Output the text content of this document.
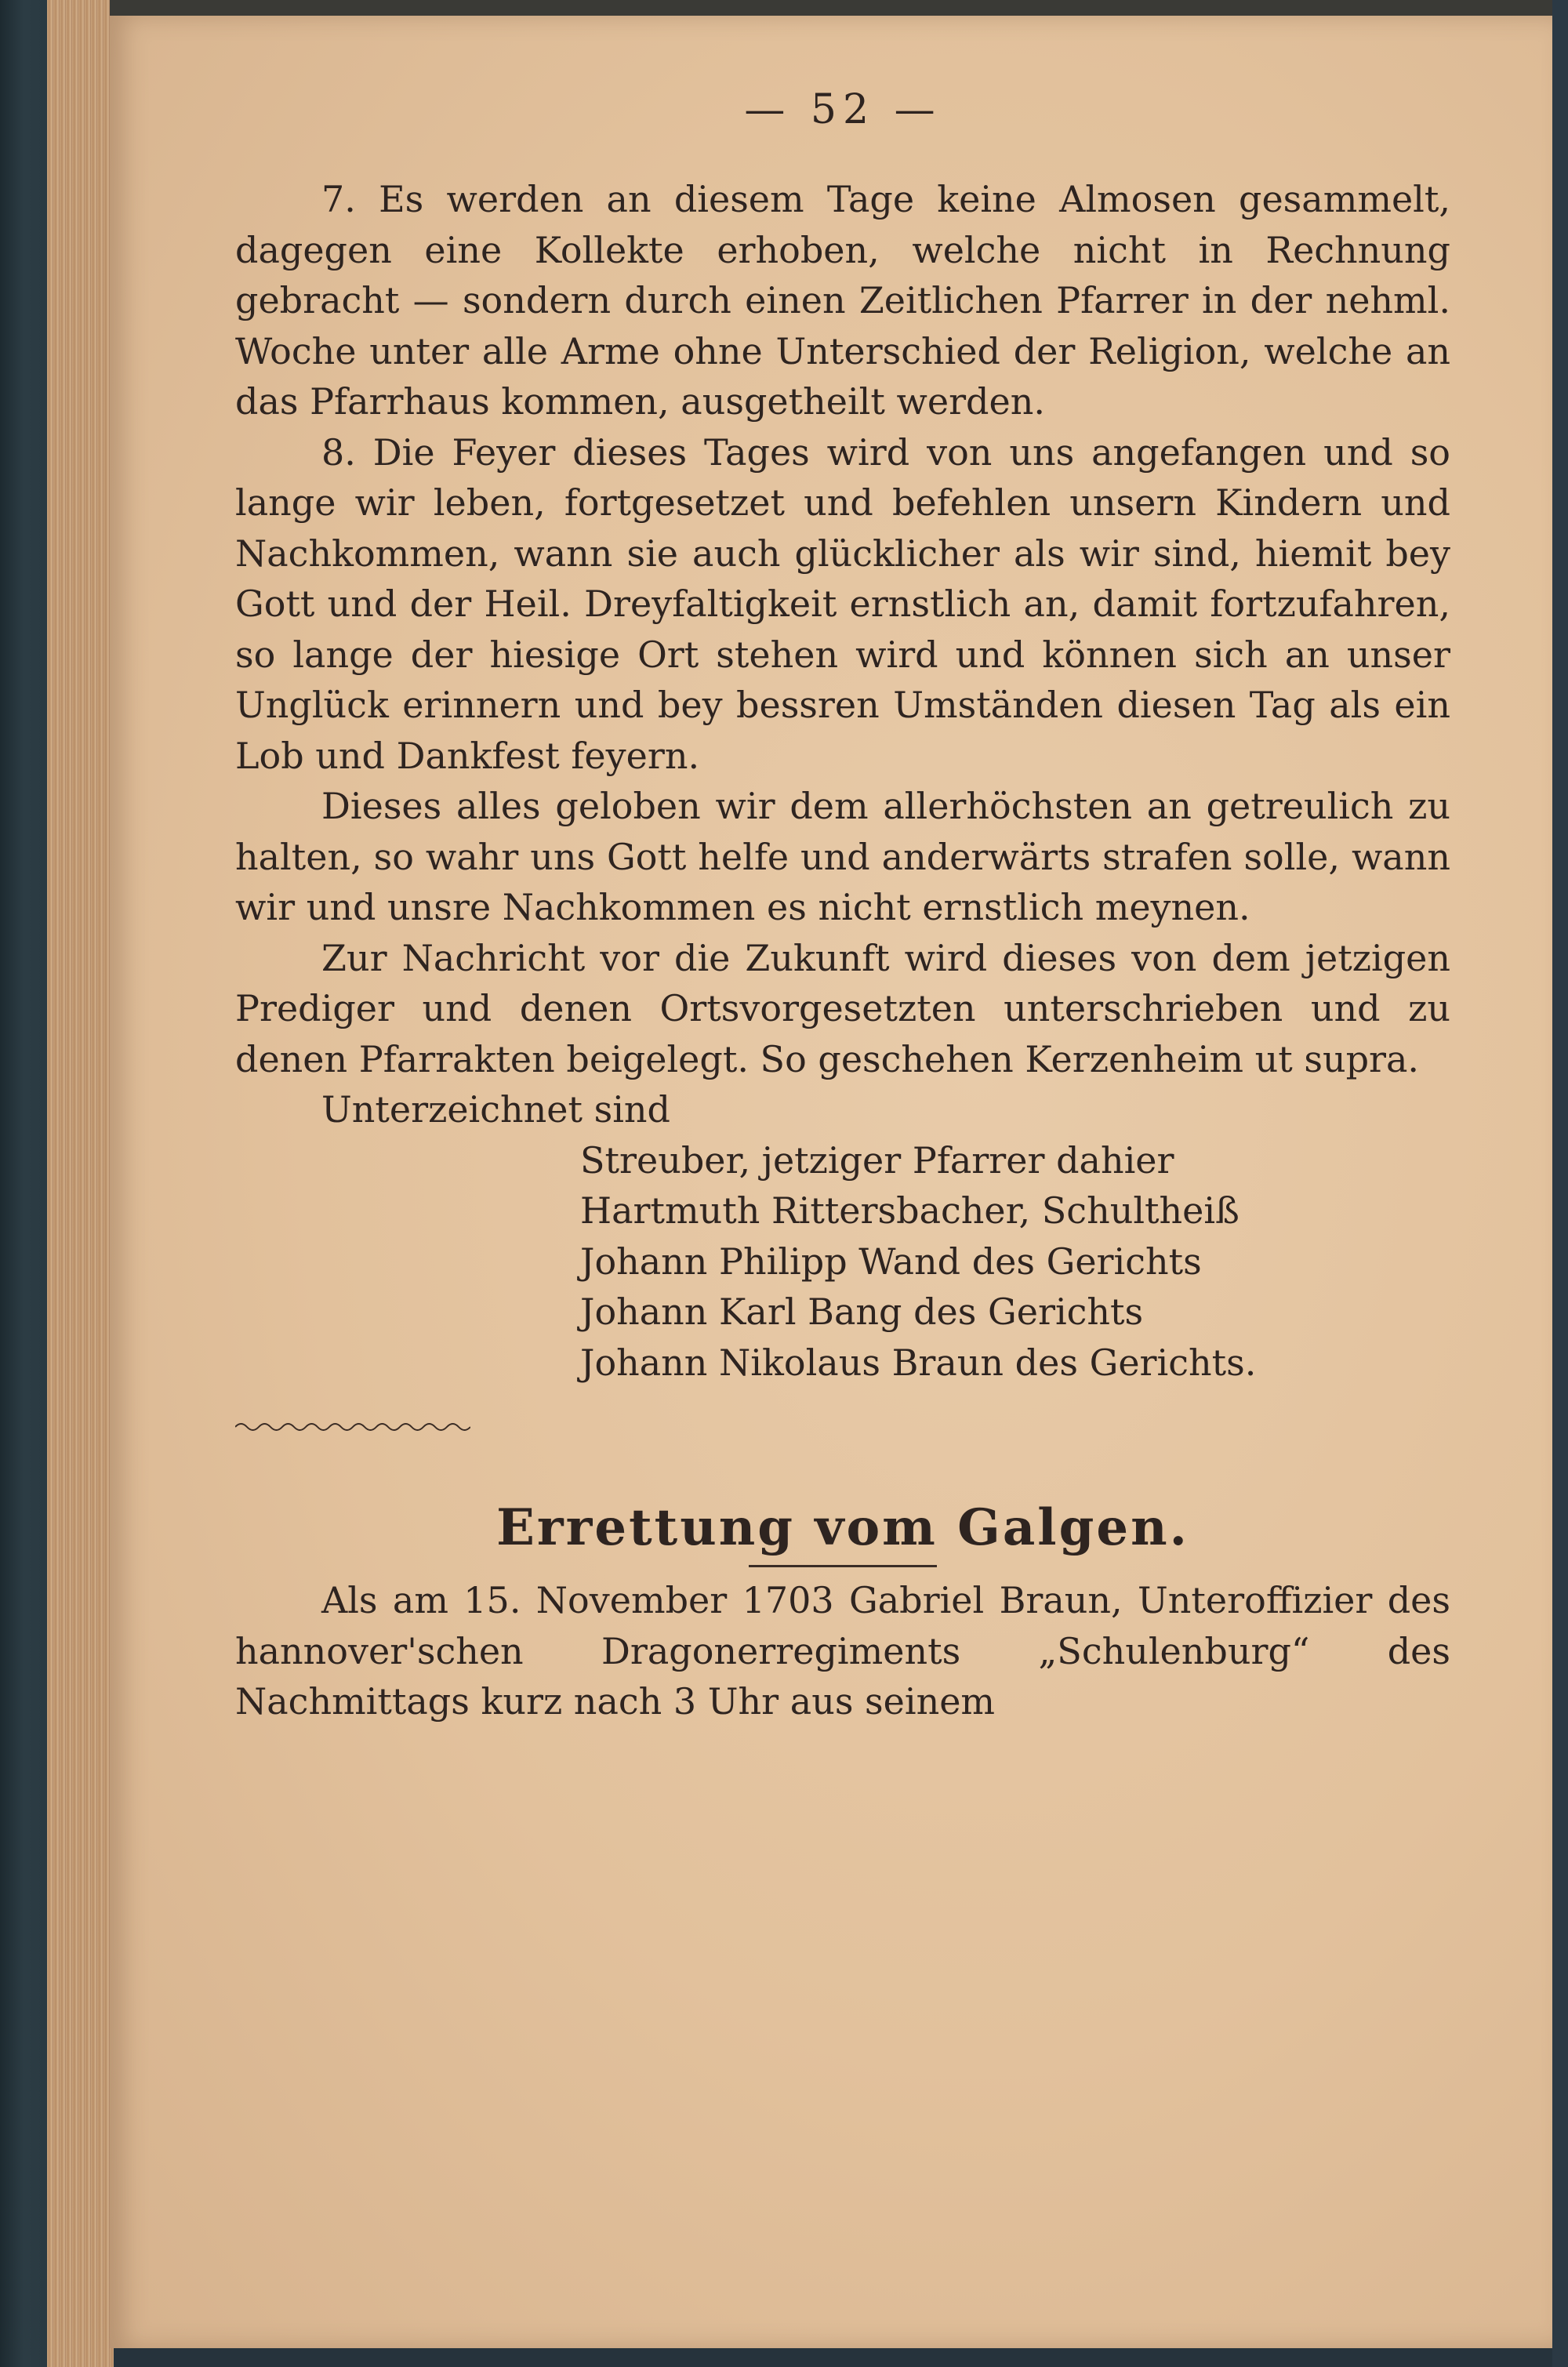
— 52 —

7. Es werden an diesem Tage keine Almosen gesammelt, dagegen eine Kollekte erhoben, welche nicht in Rechnung gebracht — sondern durch einen Zeitlichen Pfarrer in der nehml. Woche unter alle Arme ohne Unterschied der Religion, welche an das Pfarrhaus kommen, ausgetheilt werden.

8. Die Feyer dieses Tages wird von uns angefangen und so lange wir leben, fortgesetzet und befehlen unsern Kindern und Nachkommen, wann sie auch glücklicher als wir sind, hiemit bey Gott und der Heil. Dreyfaltigkeit ernstlich an, damit fortzufahren, so lange der hiesige Ort stehen wird und können sich an unser Unglück erinnern und bey bessren Umständen diesen Tag als ein Lob und Dankfest feyern.

Dieses alles geloben wir dem allerhöchsten an getreulich zu halten, so wahr uns Gott helfe und anderwärts strafen solle, wann wir und unsre Nachkommen es nicht ernstlich meynen.

Zur Nachricht vor die Zukunft wird dieses von dem jetzigen Prediger und denen Ortsvorgesetzten unterschrieben und zu denen Pfarrakten beigelegt. So geschehen Kerzenheim ut supra.

Unterzeichnet sind

Streuber, jetziger Pfarrer dahier
Hartmuth Rittersbacher, Schultheiß
Johann Philipp Wand des Gerichts
Johann Karl Bang des Gerichts
Johann Nikolaus Braun des Gerichts.
Errettung vom Galgen.

Als am 15. November 1703 Gabriel Braun, Unteroffizier des hannover'schen Dragonerregiments „Schulenburg“ des Nachmittags kurz nach 3 Uhr aus seinem
